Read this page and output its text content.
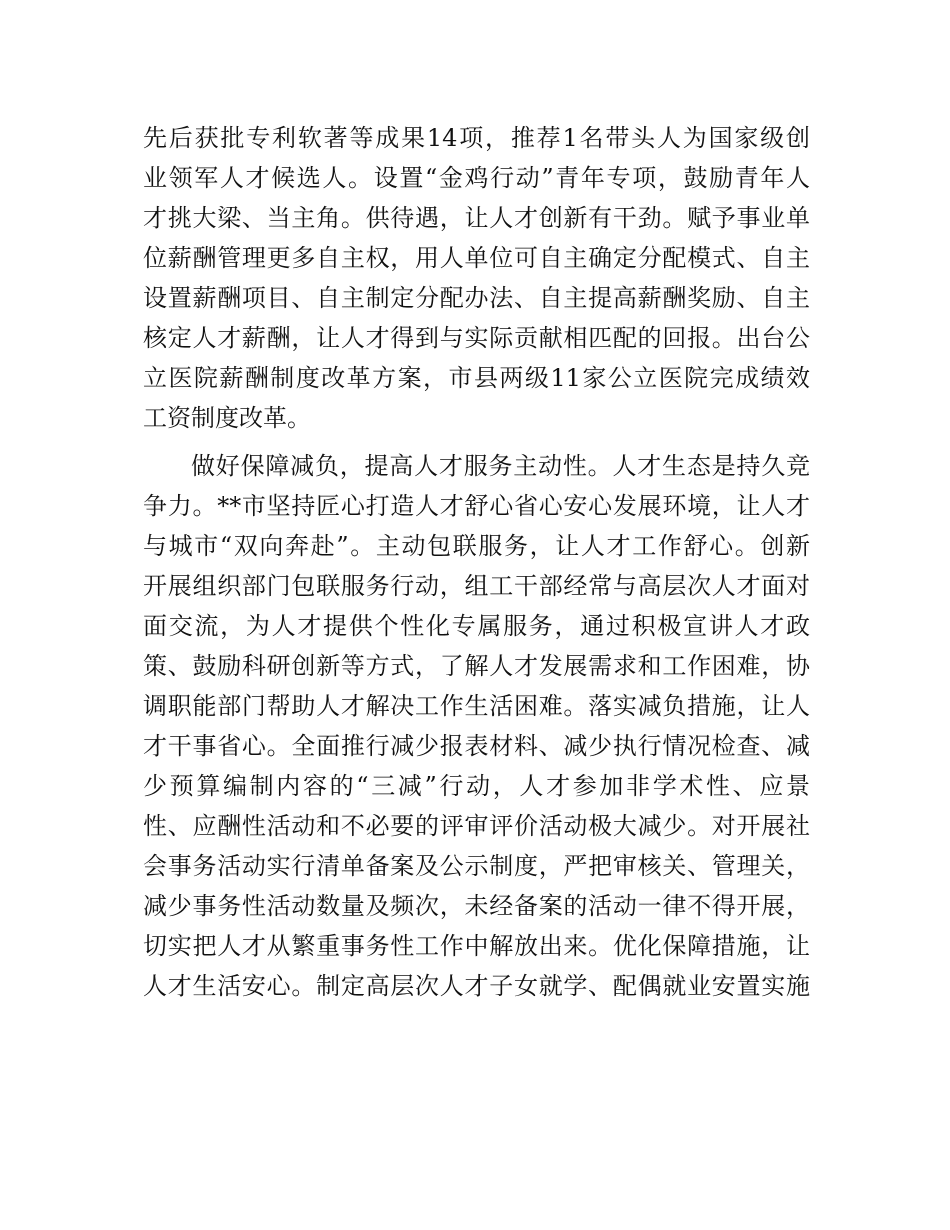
先后获批专利软著等成果14项，推荐1名带头人为国家级创
业领军人才候选人。设置“金鸡行动”青年专项，鼓励青年人
才挑大梁、当主角。供待遇，让人才创新有干劲。赋予事业单
位薪酬管理更多自主权，用人单位可自主确定分配模式、自主
设置薪酬项目、自主制定分配办法、自主提高薪酬奖励、自主
核定人才薪酬，让人才得到与实际贡献相匹配的回报。出台公
立医院薪酬制度改革方案，市县两级11家公立医院完成绩效
工资制度改革。
做好保障减负，提高人才服务主动性。人才生态是持久竞
争力。**市坚持匠心打造人才舒心省心安心发展环境，让人才
与城市“双向奔赴”。主动包联服务，让人才工作舒心。创新
开展组织部门包联服务行动，组工干部经常与高层次人才面对
面交流，为人才提供个性化专属服务，通过积极宣讲人才政
策、鼓励科研创新等方式，了解人才发展需求和工作困难，协
调职能部门帮助人才解决工作生活困难。落实减负措施，让人
才干事省心。全面推行减少报表材料、减少执行情况检查、减
少预算编制内容的“三减”行动，人才参加非学术性、应景
性、应酬性活动和不必要的评审评价活动极大减少。对开展社
会事务活动实行清单备案及公示制度，严把审核关、管理关，
减少事务性活动数量及频次，未经备案的活动一律不得开展，
切实把人才从繁重事务性工作中解放出来。优化保障措施，让
人才生活安心。制定高层次人才子女就学、配偶就业安置实施
